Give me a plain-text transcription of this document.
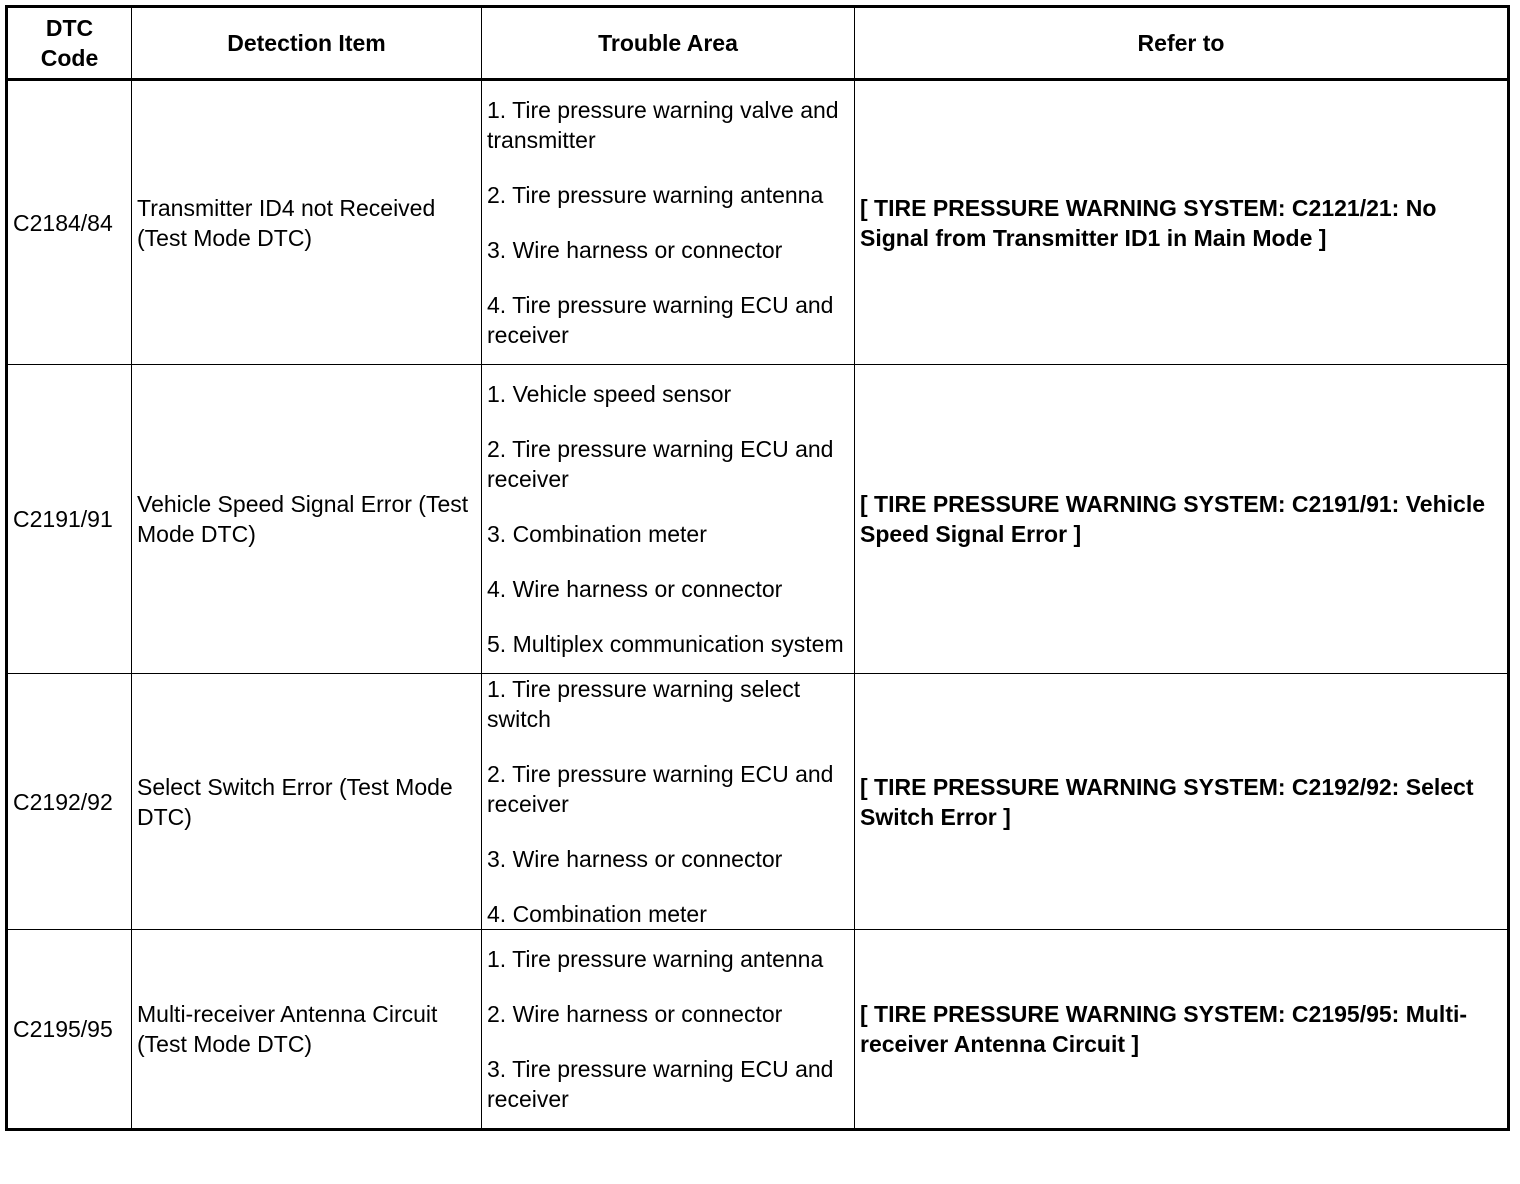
DTC
Code	Detection Item	Trouble Area	Refer to
C2184/84	Transmitter ID4 not Received (Test Mode DTC)	1. Tire pressure warning valve and transmitter

2. Tire pressure warning antenna

3. Wire harness or connector

4. Tire pressure warning ECU and receiver	[ TIRE PRESSURE WARNING SYSTEM: C2121/21: No Signal from Transmitter ID1 in Main Mode ]
C2191/91	Vehicle Speed Signal Error (Test Mode DTC)	1. Vehicle speed sensor

2. Tire pressure warning ECU and receiver

3. Combination meter

4. Wire harness or connector

5. Multiplex communication system	[ TIRE PRESSURE WARNING SYSTEM: C2191/91: Vehicle Speed Signal Error ]
C2192/92	Select Switch Error (Test Mode DTC)	1. Tire pressure warning select switch

2. Tire pressure warning ECU and receiver

3. Wire harness or connector

4. Combination meter	[ TIRE PRESSURE WARNING SYSTEM: C2192/92: Select Switch Error ]
C2195/95	Multi-receiver Antenna Circuit (Test Mode DTC)	1. Tire pressure warning antenna

2. Wire harness or connector

3. Tire pressure warning ECU and receiver	[ TIRE PRESSURE WARNING SYSTEM: C2195/95: Multi-receiver Antenna Circuit ]
